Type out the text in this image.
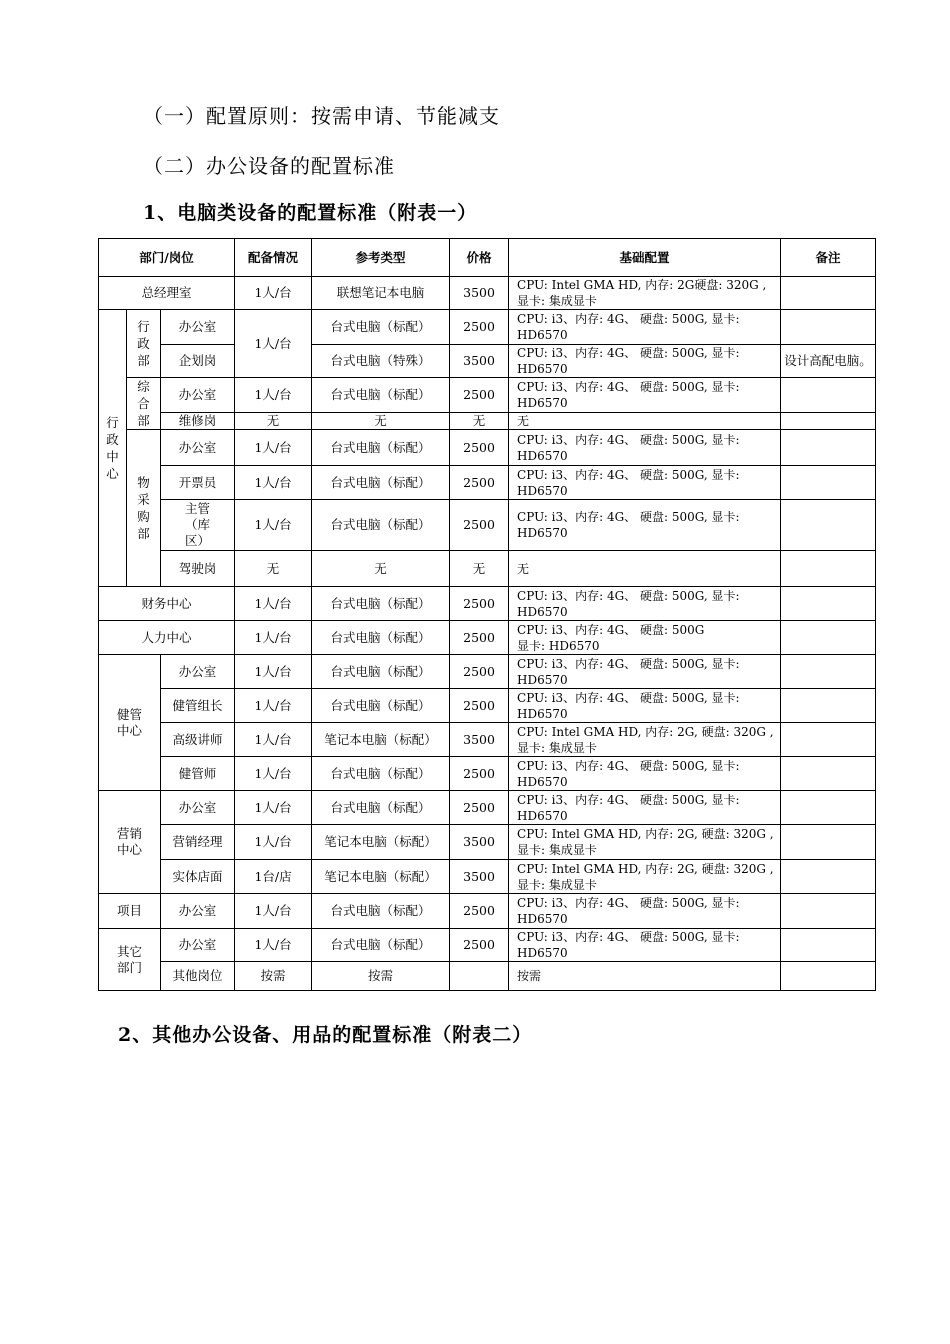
（一）配置原则：按需申请、节能减支
（二）办公设备的配置标准
1、电脑类设备的配置标准（附表一）
部门/岗位			配备情况	参考类型	价格	基础配置	备注
总经理室			1人/台	联想笔记本电脑	3500	CPU: Intel GMA HD, 内存: 2G硬盘: 320G , 显卡: 集成显卡	
行政中心	行政部	办公室	1人/台	台式电脑（标配）	2500	CPU: i3、内存: 4G、 硬盘: 500G, 显卡: HD6570	
		企划岗		台式电脑（特殊）	3500	CPU: i3、内存: 4G、 硬盘: 500G, 显卡: HD6570	设计高配电脑。
	综合部	办公室	1人/台	台式电脑（标配）	2500	CPU: i3、内存: 4G、 硬盘: 500G, 显卡: HD6570	
		维修岗	无	无	无	无	
	物采购部	办公室	1人/台	台式电脑（标配）	2500	CPU: i3、内存: 4G、 硬盘: 500G, 显卡: HD6570	
		开票员	1人/台	台式电脑（标配）	2500	CPU: i3、内存: 4G、 硬盘: 500G, 显卡: HD6570	
		主管（库区）	1人/台	台式电脑（标配）	2500	CPU: i3、内存: 4G、 硬盘: 500G, 显卡: HD6570	
		驾驶岗	无	无	无	无	
财务中心			1人/台	台式电脑（标配）	2500	CPU: i3、内存: 4G、 硬盘: 500G, 显卡: HD6570	
人力中心			1人/台	台式电脑（标配）	2500	CPU: i3、内存: 4G、 硬盘: 500G
显卡: HD6570	
健管中心		办公室	1人/台	台式电脑（标配）	2500	CPU: i3、内存: 4G、 硬盘: 500G, 显卡: HD6570	
		健管组长	1人/台	台式电脑（标配）	2500	CPU: i3、内存: 4G、 硬盘: 500G, 显卡: HD6570	
		高级讲师	1人/台	笔记本电脑（标配）	3500	CPU: Intel GMA HD, 内存: 2G, 硬盘: 320G , 显卡: 集成显卡	
		健管师	1人/台	台式电脑（标配）	2500	CPU: i3、内存: 4G、 硬盘: 500G, 显卡: HD6570	
营销中心		办公室	1人/台	台式电脑（标配）	2500	CPU: i3、内存: 4G、 硬盘: 500G, 显卡: HD6570	
		营销经理	1人/台	笔记本电脑（标配）	3500	CPU: Intel GMA HD, 内存: 2G, 硬盘: 320G , 显卡: 集成显卡	
		实体店面	1台/店	笔记本电脑（标配）	3500	CPU: Intel GMA HD, 内存: 2G, 硬盘: 320G , 显卡: 集成显卡	
项目		办公室	1人/台	台式电脑（标配）	2500	CPU: i3、内存: 4G、 硬盘: 500G, 显卡: HD6570	
其它部门		办公室	1人/台	台式电脑（标配）	2500	CPU: i3、内存: 4G、 硬盘: 500G, 显卡: HD6570	
		其他岗位	按需	按需		按需	
2、其他办公设备、用品的配置标准（附表二）
